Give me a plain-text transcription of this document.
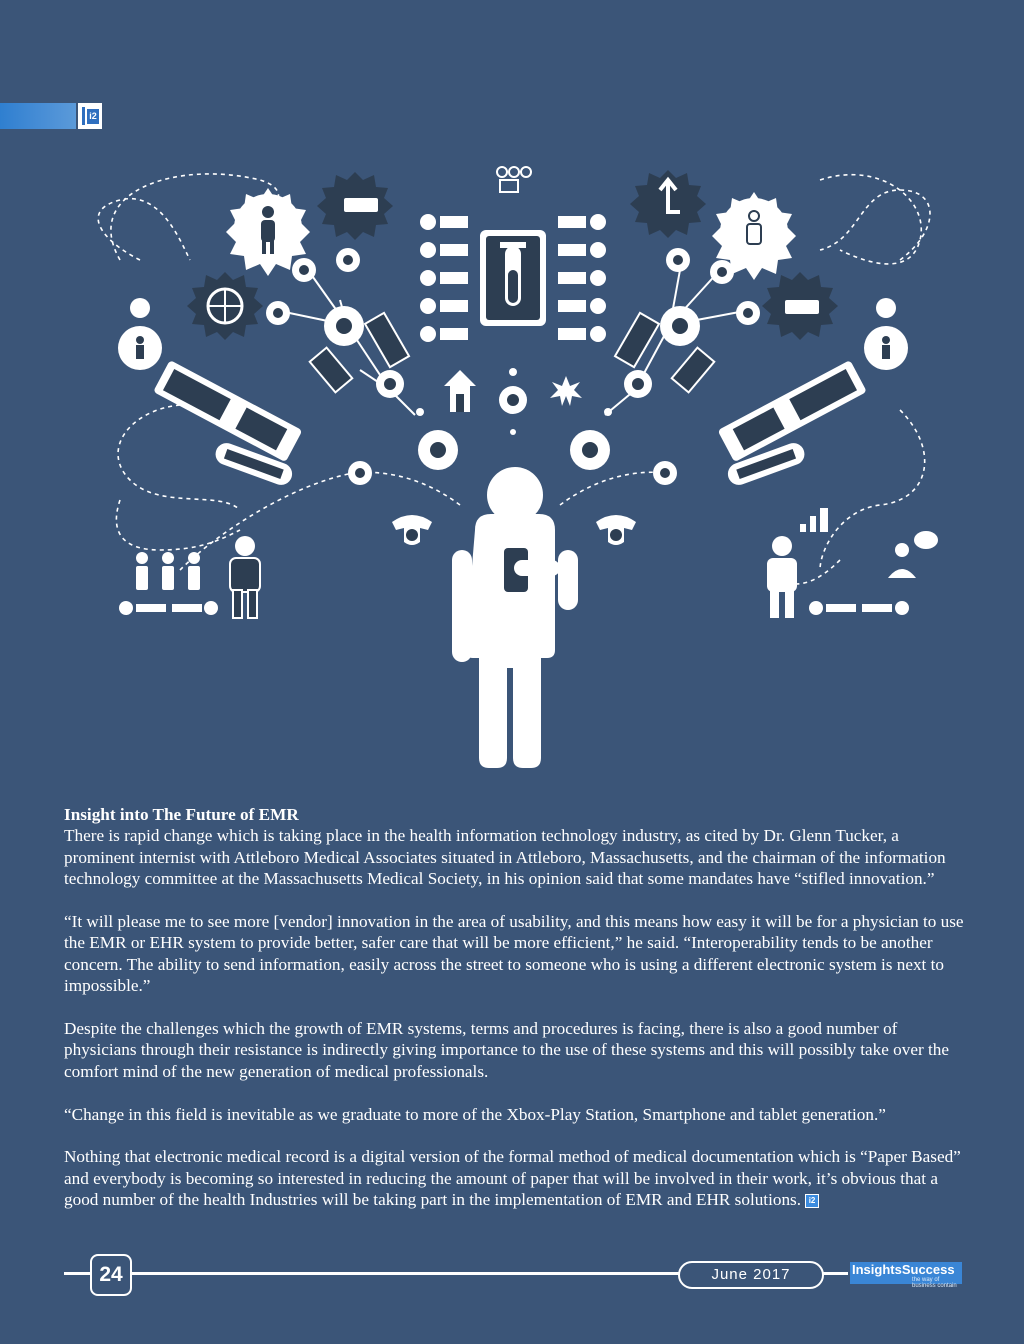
i2
Insight into The Future of EMR

There is rapid change which is taking place in the health information technology industry, as cited by Dr. Glenn Tucker, a prominent internist with Attleboro Medical Associates situated in Attleboro, Massachusetts, and the chairman of the information technology committee at the Massachusetts Medical Society, in his opinion said that some mandates have “stifled innovation.”

“It will please me to see more [vendor] innovation in the area of usability, and this means how easy it will be for a physician to use the EMR or EHR system to provide better, safer care that will be more efficient,” he said. “Interoperability tends to be another concern. The ability to send information, easily across the street to someone who is using a different electronic system is next to impossible.”

Despite the challenges which the growth of EMR systems, terms and procedures is facing, there is also a good number of physicians through their resistance is indirectly giving importance to the use of these systems and this will possibly take over the comfort mind of the new generation of medical professionals.

“Change in this field is inevitable as we graduate to more of the Xbox-Play Station, Smartphone and tablet generation.”

Nothing that electronic medical record is a digital version of the formal method of medical documentation which is “Paper Based” and everybody is becoming so interested in reducing the amount of paper that will be involved in their work, it’s obvious that a good number of the health Industries will be taking part in the implementation of EMR and EHR solutions. i2

24	June 2017	InsightsSuccess
the way of business contain
